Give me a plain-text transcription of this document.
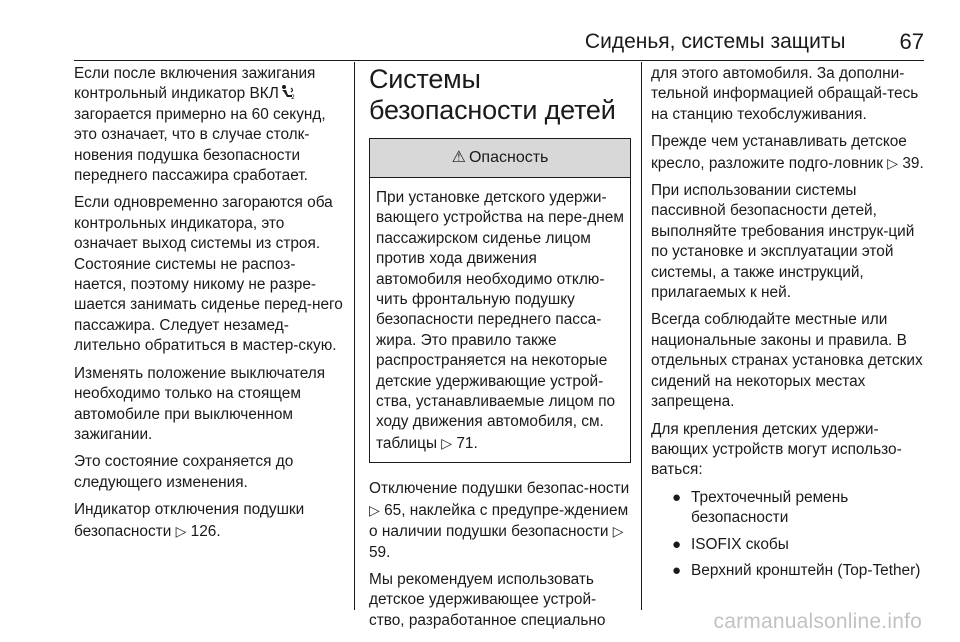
Сиденья, системы защиты 67

Если после включения зажигания контрольный индикатор ВКЛ 2
загорается примерно на 60 секунд, это означает, что в случае столк-новения подушка безопасности переднего пассажира сработает.

Если одновременно загораются оба контрольных индикатора, это означает выход системы из строя. Состояние системы не распоз-нается, поэтому никому не разре-шается занимать сиденье перед-него пассажира. Следует незамед-лительно обратиться в мастер-скую.

Изменять положение выключателя необходимо только на стоящем автомобиле при выключенном зажигании.

Это состояние сохраняется до следующего изменения.

Индикатор отключения подушки безопасности ▷ 126.

Системы
безопасности детей
⚠ Опасность
При установке детского удержи-вающего устройства на пере-днем пассажирском сиденье лицом против хода движения автомобиля необходимо отклю-чить фронтальную подушку безопасности переднего пасса-жира. Это правило также распространяется на некоторые детские удерживающие устрой-ства, устанавливаемые лицом по ходу движения автомобиля, см. таблицы ▷ 71.

Отключение подушки безопас-ности ▷ 65, наклейка с предупре-ждением о наличии подушки безопасности ▷ 59.

Мы рекомендуем использовать детское удерживающее устрой-ство, разработанное специально

для этого автомобиля. За дополни-тельной информацией обращай-тесь на станцию техобслуживания.

Прежде чем устанавливать детское кресло, разложите подго-ловник ▷ 39.

При использовании системы пассивной безопасности детей, выполняйте требования инструк-ций по установке и эксплуатации этой системы, а также инструкций, прилагаемых к ней.

Всегда соблюдайте местные или национальные законы и правила. В отдельных странах установка детских сидений на некоторых местах запрещена.

Для крепления детских удержи-вающих устройств могут использо-ваться:

● Трехточечный ремень безопасности
● ISOFIX скобы
● Верхний кронштейн (Top-Tether)
carmanualsonline.info
